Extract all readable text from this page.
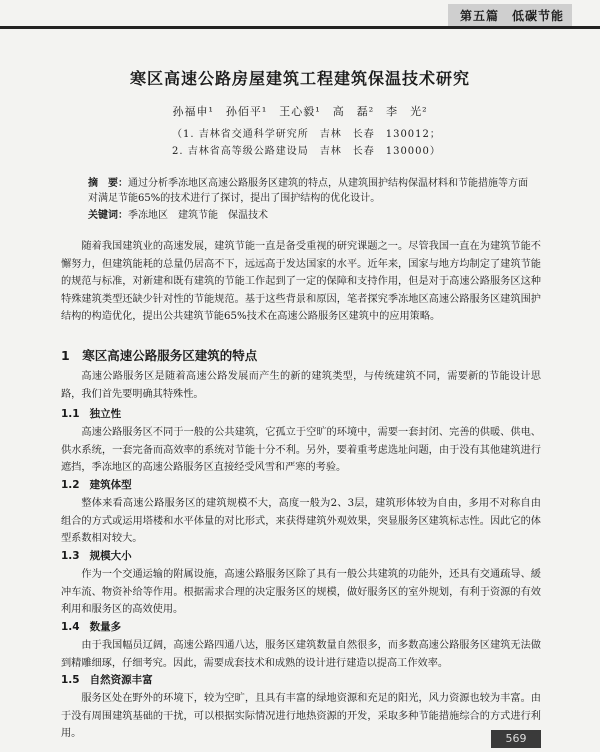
第五篇　低碳节能
寒区高速公路房屋建筑工程建筑保温技术研究
孙福申¹　孙佰平¹　王心毅¹　高　磊²　李　光²
（1. 吉林省交通科学研究所　吉林　长春　130012；
2. 吉林省高等级公路建设局　吉林　长春　130000）
摘　要：通过分析季冻地区高速公路服务区建筑的特点，从建筑围护结构保温材料和节能措施等方面对满足节能65%的技术进行了探讨，提出了围护结构的优化设计。
关键词：季冻地区　建筑节能　保温技术
随着我国建筑业的高速发展，建筑节能一直是备受重视的研究课题之一。尽管我国一直在为建筑节能不懈努力，但建筑能耗的总量仍居高不下，远远高于发达国家的水平。近年来，国家与地方均制定了建筑节能的规范与标准，对新建和既有建筑的节能工作起到了一定的保障和支持作用，但是对于高速公路服务区这种特殊建筑类型还缺少针对性的节能规范。基于这些背景和原因，笔者探究季冻地区高速公路服务区建筑围护结构的构造优化，提出公共建筑节能65%技术在高速公路服务区建筑中的应用策略。
1　 寒区高速公路服务区建筑的特点
高速公路服务区是随着高速公路发展而产生的新的建筑类型，与传统建筑不同，需要新的节能设计思路，我们首先要明确其特殊性。
1.1 独立性
高速公路服务区不同于一般的公共建筑，它孤立于空旷的环境中，需要一套封闭、完善的供暖、供电、供水系统，一套完备而高效率的系统对节能十分不利。另外，要着重考虑选址问题，由于没有其他建筑进行遮挡，季冻地区的高速公路服务区直接经受风雪和严寒的考验。
1.2 建筑体型
整体来看高速公路服务区的建筑规模不大，高度一般为2、3层，建筑形体较为自由，多用不对称自由组合的方式或运用塔楼和水平体量的对比形式，来获得建筑外观效果，突显服务区建筑标志性。因此它的体型系数相对较大。
1.3 规模大小
作为一个交通运输的附属设施，高速公路服务区除了具有一般公共建筑的功能外，还具有交通疏导、緩冲车流、物资补给等作用。根据需求合理的决定服务区的规模，做好服务区的室外规划，有利于资源的有效利用和服务区的高效使用。
1.4 数量多
由于我国幅员辽阔，高速公路四通八达，服务区建筑数量自然很多，而多数高速公路服务区建筑无法做到精雕细琢，仔细考究。因此，需要成套技术和成熟的设计进行建造以提高工作效率。
1.5 自然资源丰富
服务区处在野外的环境下，较为空旷，且具有丰富的绿地资源和充足的阳光，风力资源也较为丰富。由于没有周围建筑基础的干扰，可以根据实际情况进行地热资源的开发，采取多种节能措施综合的方式进行利用。	569
